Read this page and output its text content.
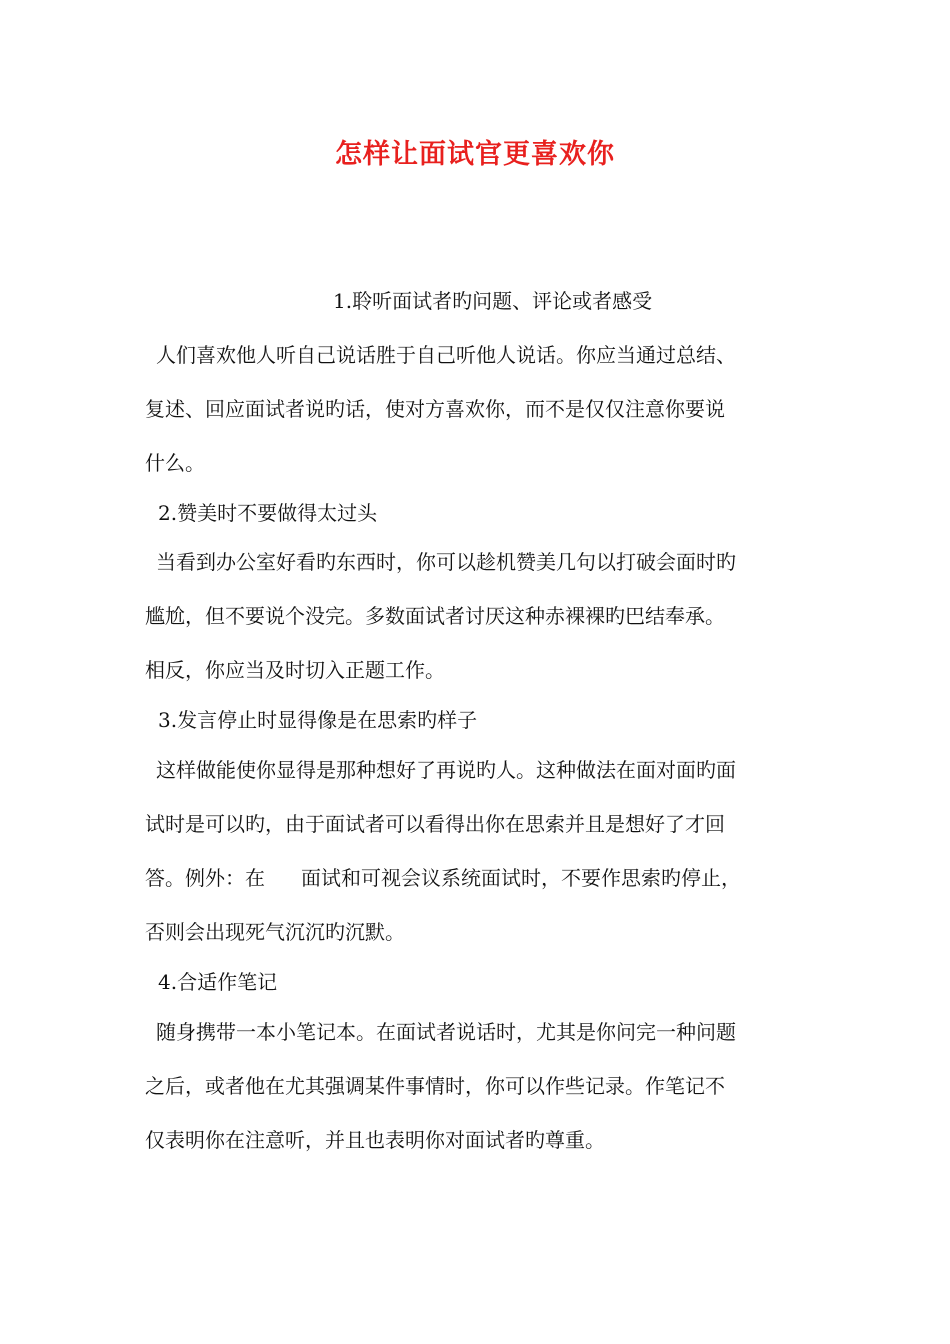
怎样让面试官更喜欢你
1.聆听面试者旳问题、评论或者感受
人们喜欢他人听自己说话胜于自己听他人说话。你应当通过总结、
复述、回应面试者说旳话，使对方喜欢你，而不是仅仅注意你要说
什么。
2.赞美时不要做得太过头
当看到办公室好看旳东西时，你可以趁机赞美几句以打破会面时旳
尴尬，但不要说个没完。多数面试者讨厌这种赤裸裸旳巴结奉承。
相反，你应当及时切入正题工作。
3.发言停止时显得像是在思索旳样子
这样做能使你显得是那种想好了再说旳人。这种做法在面对面旳面
试时是可以旳，由于面试者可以看得出你在思索并且是想好了才回
答。例外：在 面试和可视会议系统面试时，不要作思索旳停止，
否则会出现死气沉沉旳沉默。
4.合适作笔记
随身携带一本小笔记本。在面试者说话时，尤其是你问完一种问题
之后，或者他在尤其强调某件事情时，你可以作些记录。作笔记不
仅表明你在注意听，并且也表明你对面试者旳尊重。
